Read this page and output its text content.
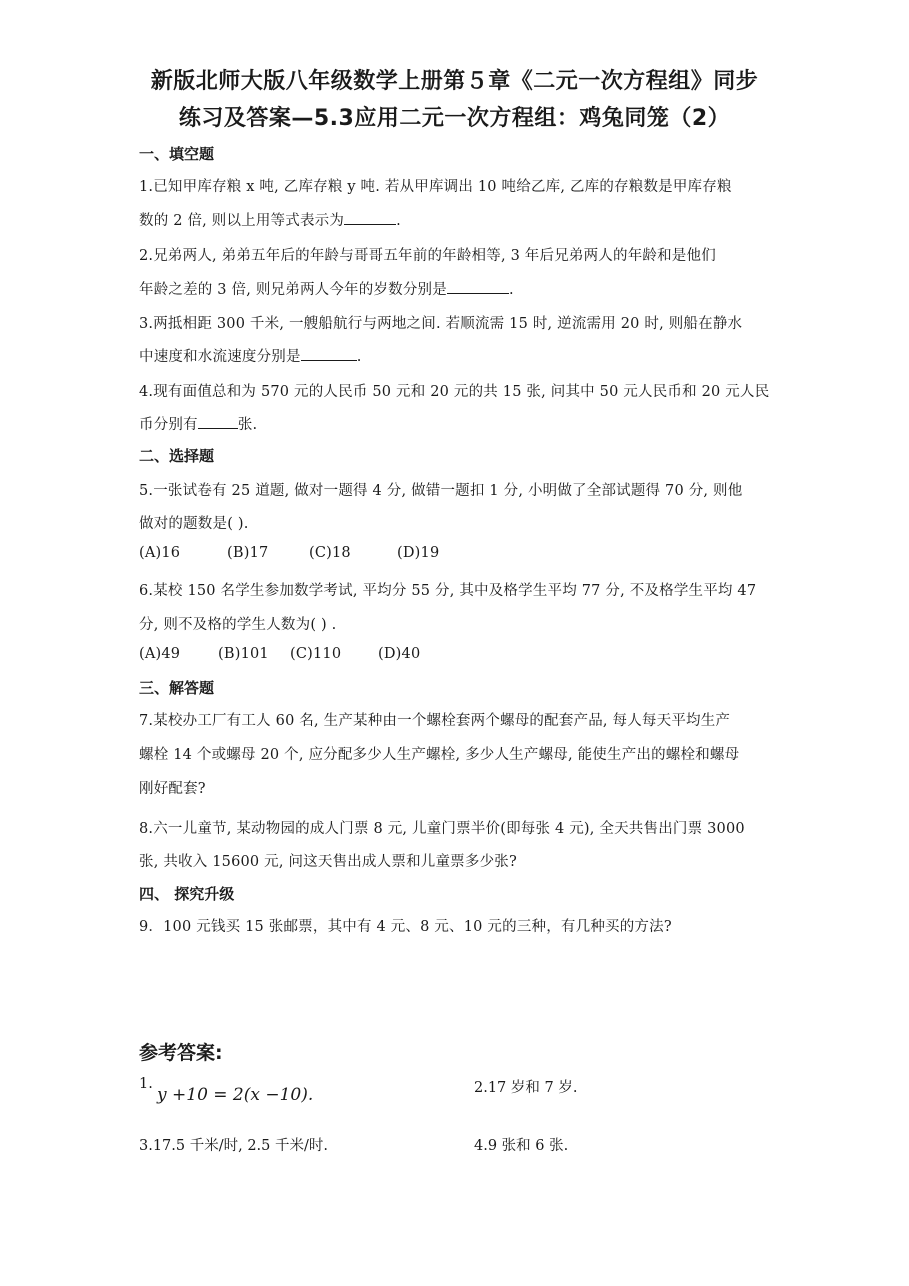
新版北师大版八年级数学上册第５章《二元一次方程组》同步
练习及答案—5.3应用二元一次方程组：鸡兔同笼（2）
一、填空题
1.已知甲库存粮 x 吨, 乙库存粮 y 吨. 若从甲库调出 10 吨给乙库, 乙库的存粮数是甲库存粮
数的 2 倍, 则以上用等式表示为	.
2.兄弟两人, 弟弟五年后的年龄与哥哥五年前的年龄相等, 3 年后兄弟两人的年龄和是他们
年龄之差的 3 倍, 则兄弟两人今年的岁数分别是	.
3.两抵相距 300 千米, 一艘船航行与两地之间. 若顺流需 15 时, 逆流需用 20 时, 则船在静水
中速度和水流速度分别是	.
4.现有面值总和为 570 元的人民币 50 元和 20 元的共 15 张, 问其中 50 元人民币和 20 元人民
币分别有	张.
二、选择题
5.一张试卷有 25 道题, 做对一题得 4 分, 做错一题扣 1 分, 小明做了全部试题得 70 分, 则他
做对的题数是( ).
(A)16	(B)17	(C)18	(D)19
6.某校 150 名学生参加数学考试, 平均分 55 分, 其中及格学生平均 77 分, 不及格学生平均 47
分, 则不及格的学生人数为( ) .
(A)49	(B)101 (C)110	(D)40
三、解答题
7.某校办工厂有工人 60 名, 生产某种由一个螺栓套两个螺母的配套产品, 每人每天平均生产
螺栓 14 个或螺母 20 个, 应分配多少人生产螺栓, 多少人生产螺母, 能使生产出的螺栓和螺母
刚好配套?
8.六一儿童节, 某动物园的成人门票 8 元, 儿童门票半价(即每张 4 元), 全天共售出门票 3000
张, 共收入 15600 元, 问这天售出成人票和儿童票多少张?
四、 探究升级
9．100 元钱买 15 张邮票，其中有 4 元、8 元、10 元的三种，有几种买的方法?
参考答案:
1.
y +10 = 2(x −10).	2.17 岁和 7 岁.
3.17.5 千米/时, 2.5 千米/时.	4.9 张和 6 张.
